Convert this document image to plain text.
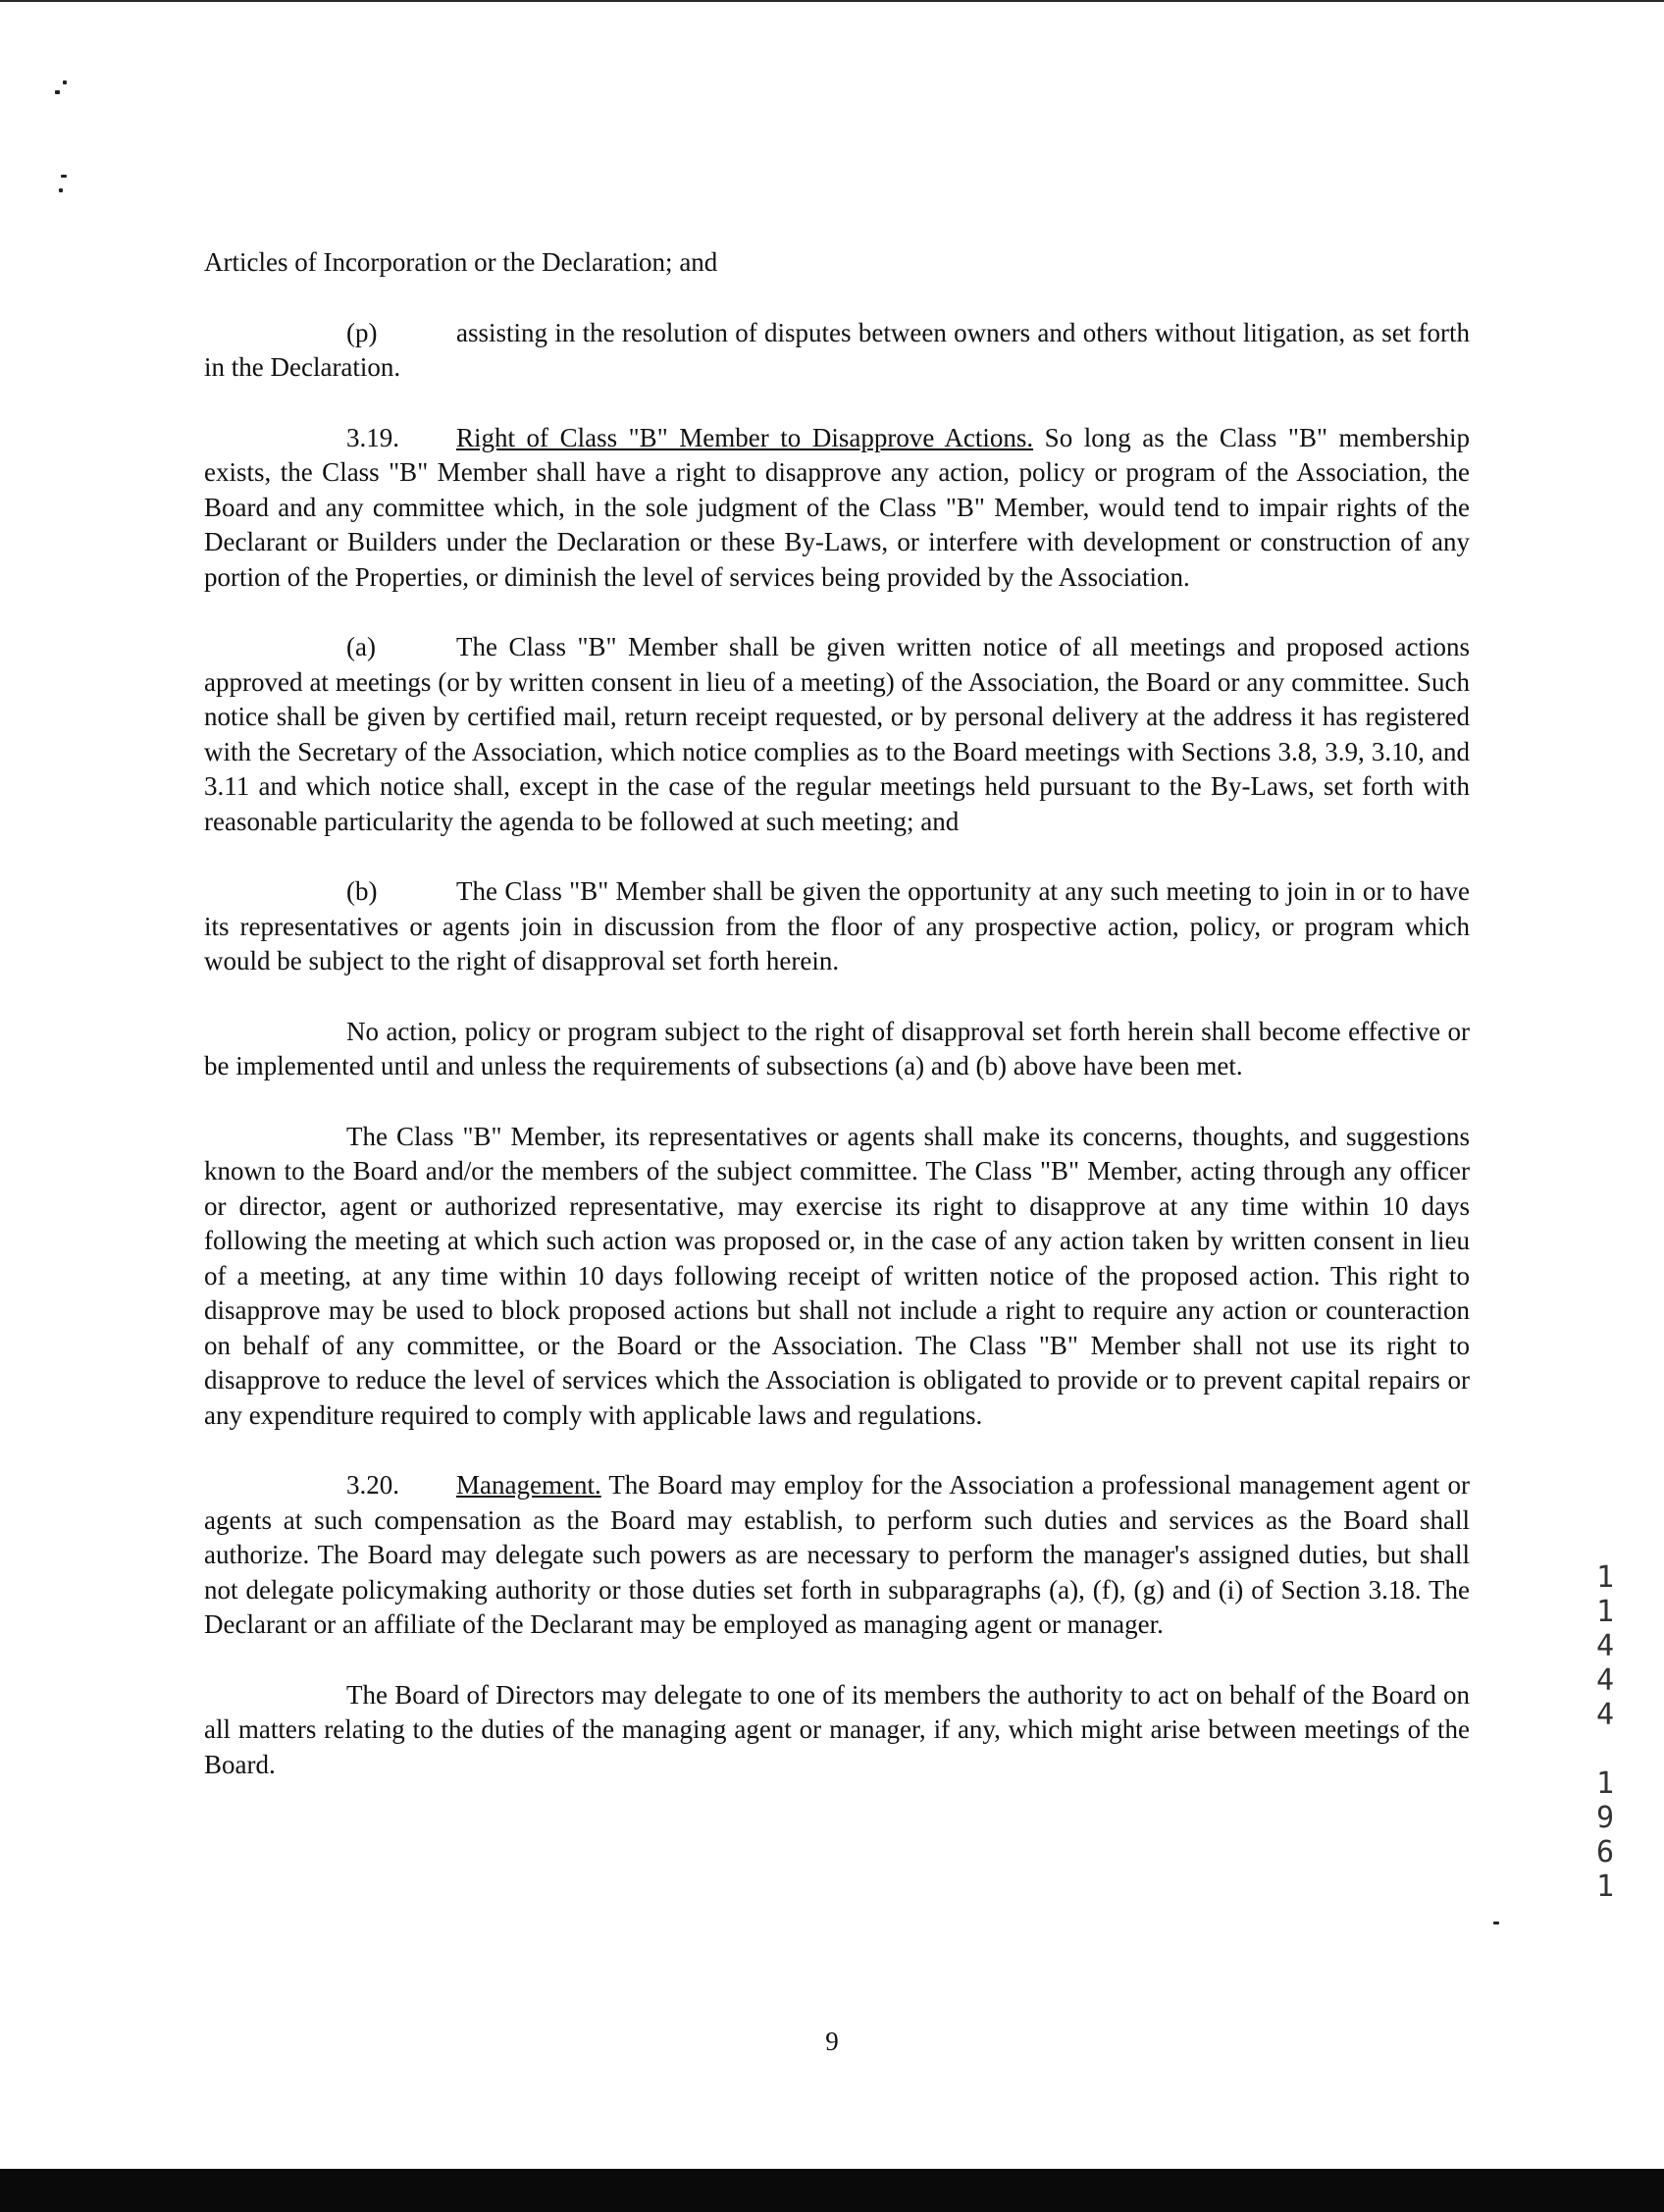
Articles of Incorporation or the Declaration; and

(p)	assisting in the resolution of disputes between owners and others without litigation, as set forth in the Declaration.

3.19. Right of Class "B" Member to Disapprove Actions. So long as the Class "B" membership exists, the Class "B" Member shall have a right to disapprove any action, policy or program of the Association, the Board and any committee which, in the sole judgment of the Class "B" Member, would tend to impair rights of the Declarant or Builders under the Declaration or these By-Laws, or interfere with development or construction of any portion of the Properties, or diminish the level of services being provided by the Association.

(a)	The Class "B" Member shall be given written notice of all meetings and proposed actions approved at meetings (or by written consent in lieu of a meeting) of the Association, the Board or any committee. Such notice shall be given by certified mail, return receipt requested, or by personal delivery at the address it has registered with the Secretary of the Association, which notice complies as to the Board meetings with Sections 3.8, 3.9, 3.10, and 3.11 and which notice shall, except in the case of the regular meetings held pursuant to the By-Laws, set forth with reasonable particularity the agenda to be followed at such meeting; and

(b)	The Class "B" Member shall be given the opportunity at any such meeting to join in or to have its representatives or agents join in discussion from the floor of any prospective action, policy, or program which would be subject to the right of disapproval set forth herein.

No action, policy or program subject to the right of disapproval set forth herein shall become effective or be implemented until and unless the requirements of subsections (a) and (b) above have been met.

The Class "B" Member, its representatives or agents shall make its concerns, thoughts, and suggestions known to the Board and/or the members of the subject committee. The Class "B" Member, acting through any officer or director, agent or authorized representative, may exercise its right to disapprove at any time within 10 days following the meeting at which such action was proposed or, in the case of any action taken by written consent in lieu of a meeting, at any time within 10 days following receipt of written notice of the proposed action. This right to disapprove may be used to block proposed actions but shall not include a right to require any action or counteraction on behalf of any committee, or the Board or the Association. The Class "B" Member shall not use its right to disapprove to reduce the level of services which the Association is obligated to provide or to prevent capital repairs or any expenditure required to comply with applicable laws and regulations.

3.20. Management. The Board may employ for the Association a professional management agent or agents at such compensation as the Board may establish, to perform such duties and services as the Board shall authorize. The Board may delegate such powers as are necessary to perform the manager's assigned duties, but shall not delegate policymaking authority or those duties set forth in subparagraphs (a), (f), (g) and (i) of Section 3.18. The Declarant or an affiliate of the Declarant may be employed as managing agent or manager.

The Board of Directors may delegate to one of its members the authority to act on behalf of the Board on all matters relating to the duties of the managing agent or manager, if any, which might arise between meetings of the Board.

1
1
4
4
4
1
9
6
1
9
